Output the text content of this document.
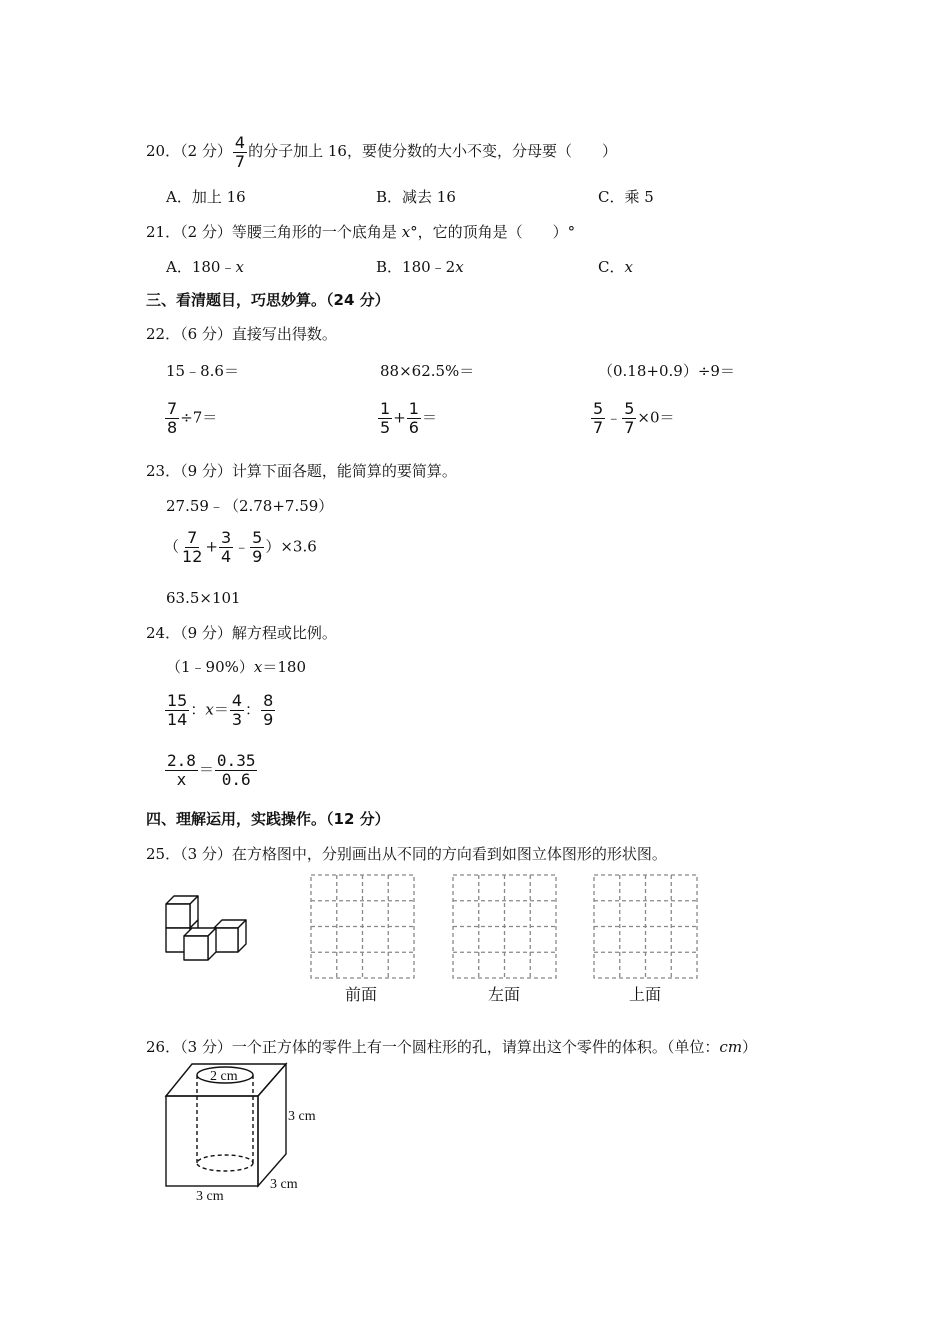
20．（2 分） $\frac{4}{7}$ 的分子加上 16，要使分数的大小不变，分母要（　　）
A．加上 16	B．减去 16	C．乘 5
21．（2 分）等腰三角形的一个底角是 x°，它的顶角是（　　）°
A．180﹣x	B．180﹣2x	C．x
三、看清题目，巧思妙算。（24 分）
22．（6 分）直接写出得数。
15﹣8.6＝	88×62.5%＝	（0.18+0.9）÷9＝
$\frac{7}{8} \div 7=$	$\frac{1}{5} + \frac{1}{6}$ ＝	$\frac{5}{7}$ ﹣ $\frac{5}{7} \times 0=$
23．（9 分）计算下面各题，能简算的要简算。
27.59﹣（2.78+7.59）
（ $\frac{7}{12} + \frac{3}{4}$ ﹣ $\frac{5}{9} )\times 3.6$
63.5×101
24．（9 分）解方程或比例。
（1﹣90%）x＝180
$\frac{15}{14}$ ：$x= \frac{4}{3}$ ： $\frac{8}{9}$
$\frac{2.8}{x} = \frac{0.35}{0.6}$
四、理解运用，实践操作。（12 分）
25．（3 分）在方格图中，分别画出从不同的方向看到如图立体图形的形状图。
前面	左面	上面
26．（3 分）一个正方体的零件上有一个圆柱形的孔，请算出这个零件的体积。（单位：cm）
2 cm
3 cm
3 cm
3 cm
